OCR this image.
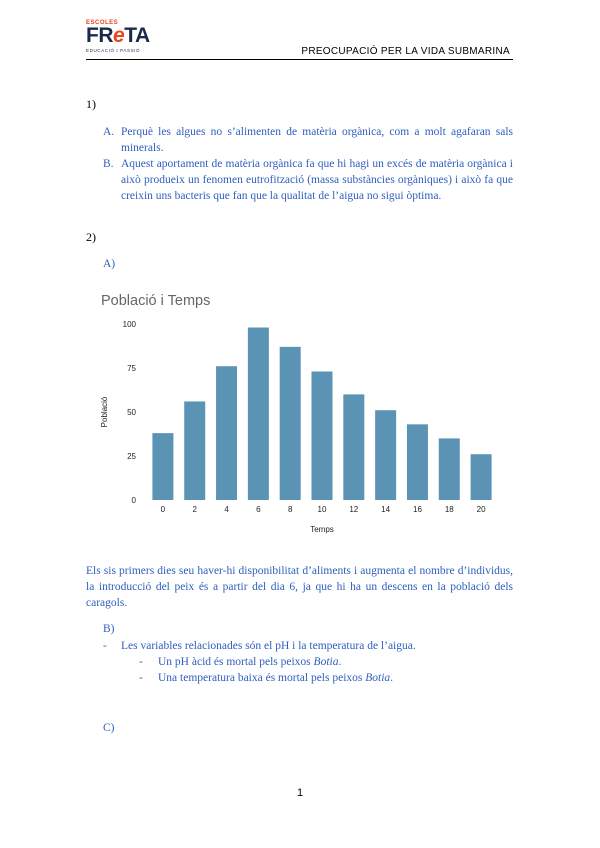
ESCOLES
FReTA
EDUCACIÓ I PASSIÓ	PREOCUPACIÓ PER LA VIDA SUBMARINA
1)
A. Perquè les algues no s’alimenten de matèria orgànica, com a molt agafaran sals minerals.
B. Aquest aportament de matèria orgànica fa que hi hagi un excés de matèria orgànica i això produeix un fenomen eutrofització (massa substàncies orgàniques) i això fa que creixin uns bacteris que fan que la qualitat de l’aigua no sigui òptima.
2)
A)
Població i Temps
0
25
50
75
100
0	2	4	6	8	10	12	14	16	18	20
Temps
Població
Els sis primers dies seu haver-hi disponibilitat d’aliments i augmenta el nombre d’individus, la introducció del peix és a partir del dia 6, ja que hi ha un descens en la població dels caragols.
B)
- Les variables relacionades són el pH i la temperatura de l’aigua.
- Un pH àcid és mortal pels peixos Botia.
- Una temperatura baixa és mortal pels peixos Botia.
C)
1
